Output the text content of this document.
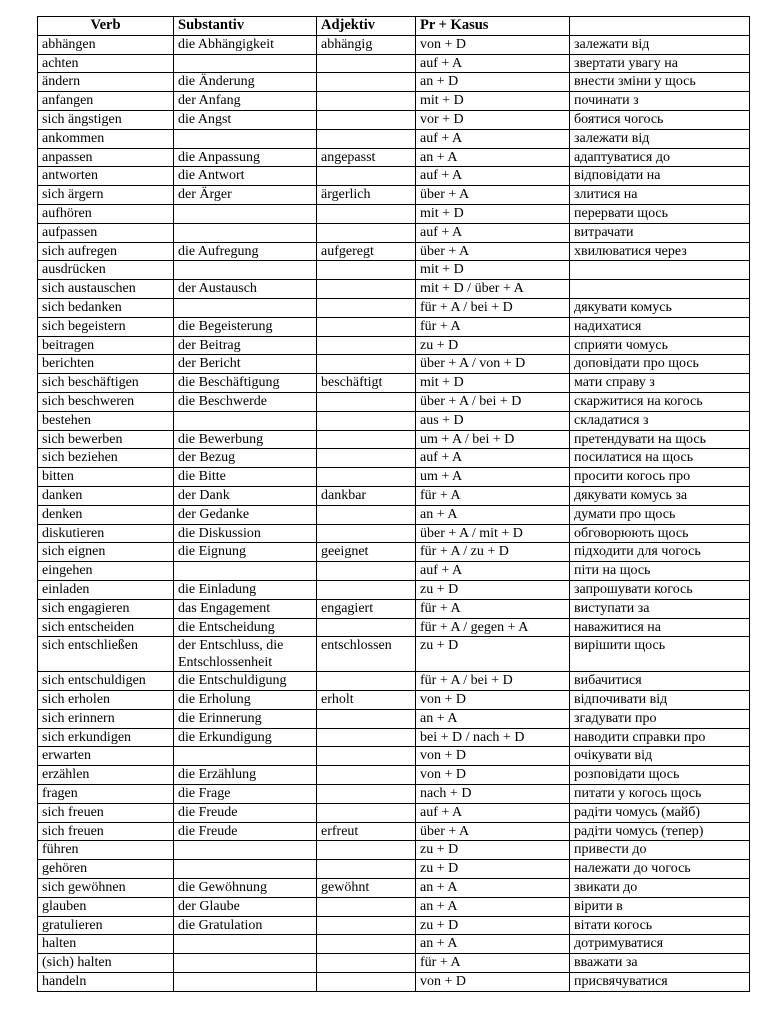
Verb	Substantiv	Adjektiv	Pr + Kasus	
abhängen	die Abhängigkeit	abhängig	von + D	залежати від
achten			auf + A	звертати увагу на
ändern	die Änderung		an + D	внести зміни у щось
anfangen	der Anfang		mit + D	починати з
sich ängstigen	die Angst		vor + D	боятися чогось
ankommen			auf + A	залежати від
anpassen	die Anpassung	angepasst	an + A	адаптуватися до
antworten	die Antwort		auf + A	відповідати на
sich ärgern	der Ärger	ärgerlich	über + A	злитися на
aufhören			mit + D	перервати щось
aufpassen			auf + A	витрачати
sich aufregen	die Aufregung	aufgeregt	über + A	хвилюватися через
ausdrücken			mit + D	
sich austauschen	der Austausch		mit + D / über + A	
sich bedanken			für + A / bei + D	дякувати комусь
sich begeistern	die Begeisterung		für + A	надихатися
beitragen	der Beitrag		zu + D	сприяти чомусь
berichten	der Bericht		über + A / von + D	доповідати про щось
sich beschäftigen	die Beschäftigung	beschäftigt	mit + D	мати справу з
sich beschweren	die Beschwerde		über + A / bei + D	скаржитися на когось
bestehen			aus + D	складатися з
sich bewerben	die Bewerbung		um + A / bei + D	претендувати на щось
sich beziehen	der Bezug		auf + A	посилатися на щось
bitten	die Bitte		um + A	просити когось про
danken	der Dank	dankbar	für + A	дякувати комусь за
denken	der Gedanke		an + A	думати про щось
diskutieren	die Diskussion		über + A / mit + D	обговорюють щось
sich eignen	die Eignung	geeignet	für + A / zu + D	підходити для чогось
eingehen			auf + A	піти на щось
einladen	die Einladung		zu + D	запрошувати когось
sich engagieren	das Engagement	engagiert	für + A	виступати за
sich entscheiden	die Entscheidung		für + A / gegen + A	наважитися на
sich entschließen	der Entschluss, die Entschlossenheit	entschlossen	zu + D	вирішити щось
sich entschuldigen	die Entschuldigung		für + A / bei + D	вибачитися
sich erholen	die Erholung	erholt	von + D	відпочивати від
sich erinnern	die Erinnerung		an + A	згадувати про
sich erkundigen	die Erkundigung		bei + D / nach + D	наводити справки про
erwarten			von + D	очікувати від
erzählen	die Erzählung		von + D	розповідати щось
fragen	die Frage		nach + D	питати у когось щось
sich freuen	die Freude		auf + A	радіти чомусь (майб)
sich freuen	die Freude	erfreut	über + A	радіти чомусь (тепер)
führen			zu + D	привести до
gehören			zu + D	належати до чогось
sich gewöhnen	die Gewöhnung	gewöhnt	an + A	звикати до
glauben	der Glaube		an + A	вірити в
gratulieren	die Gratulation		zu + D	вітати когось
halten			an + A	дотримуватися
(sich) halten			für + A	вважати за
handeln			von + D	присвячуватися
